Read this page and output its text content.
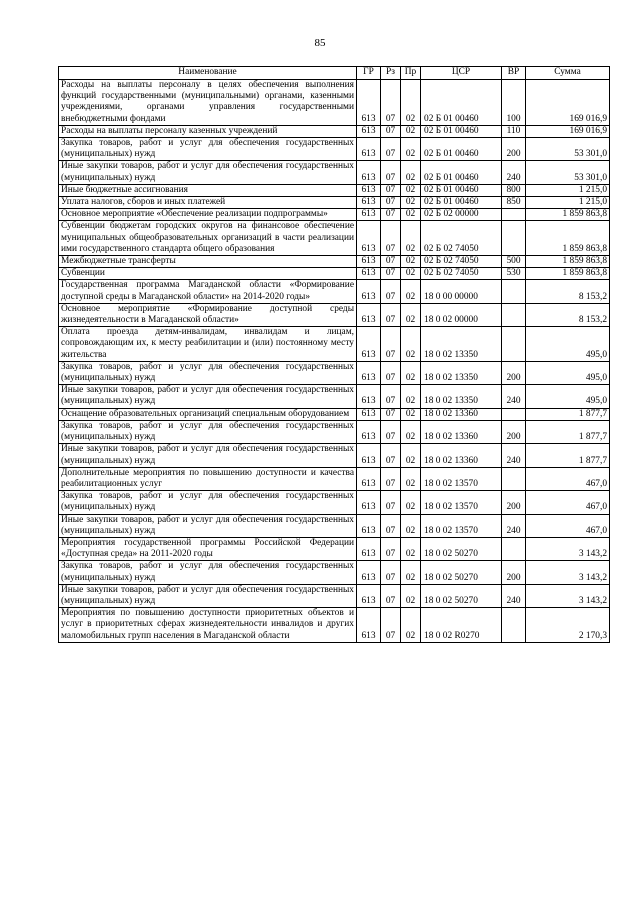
85
Наименование	ГР	Рз	Пр	ЦСР	ВР	Сумма
Расходы на выплаты персоналу в целях обеспечения выполнения функций государственными (муниципальными) органами, казенными учреждениями, органами управления государственными внебюджетными фондами	613	07	02	02 Б 01 00460	100	169 016,9
Расходы на выплаты персоналу казенных учреждений	613	07	02	02 Б 01 00460	110	169 016,9
Закупка товаров, работ и услуг для обеспечения государственных (муниципальных) нужд	613	07	02	02 Б 01 00460	200	53 301,0
Иные закупки товаров, работ и услуг для обеспечения государственных (муниципальных) нужд	613	07	02	02 Б 01 00460	240	53 301,0
Иные бюджетные ассигнования	613	07	02	02 Б 01 00460	800	1 215,0
Уплата налогов, сборов и иных платежей	613	07	02	02 Б 01 00460	850	1 215,0
Основное мероприятие «Обеспечение реализации подпрограммы»	613	07	02	02 Б 02 00000		1 859 863,8
Субвенции бюджетам городских округов на финансовое обеспечение муниципальных общеобразовательных организаций в части реализации ими государственного стандарта общего образования	613	07	02	02 Б 02 74050		1 859 863,8
Межбюджетные трансферты	613	07	02	02 Б 02 74050	500	1 859 863,8
Субвенции	613	07	02	02 Б 02 74050	530	1 859 863,8
Государственная программа Магаданской области «Формирование доступной среды в Магаданской области» на 2014-2020 годы»	613	07	02	18 0 00 00000		8 153,2
Основное мероприятие «Формирование доступной среды жизнедеятельности в Магаданской области»	613	07	02	18 0 02 00000		8 153,2
Оплата проезда детям-инвалидам, инвалидам и лицам, сопровождающим их, к месту реабилитации и (или) постоянному месту жительства	613	07	02	18 0 02 13350		495,0
Закупка товаров, работ и услуг для обеспечения государственных (муниципальных) нужд	613	07	02	18 0 02 13350	200	495,0
Иные закупки товаров, работ и услуг для обеспечения государственных (муниципальных) нужд	613	07	02	18 0 02 13350	240	495,0
Оснащение образовательных организаций специальным оборудованием	613	07	02	18 0 02 13360		1 877,7
Закупка товаров, работ и услуг для обеспечения государственных (муниципальных) нужд	613	07	02	18 0 02 13360	200	1 877,7
Иные закупки товаров, работ и услуг для обеспечения государственных (муниципальных) нужд	613	07	02	18 0 02 13360	240	1 877,7
Дополнительные мероприятия по повышению доступности и качества реабилитационных услуг	613	07	02	18 0 02 13570		467,0
Закупка товаров, работ и услуг для обеспечения государственных (муниципальных) нужд	613	07	02	18 0 02 13570	200	467,0
Иные закупки товаров, работ и услуг для обеспечения государственных (муниципальных) нужд	613	07	02	18 0 02 13570	240	467,0
Мероприятия государственной программы Российской Федерации «Доступная среда» на 2011-2020 годы	613	07	02	18 0 02 50270		3 143,2
Закупка товаров, работ и услуг для обеспечения государственных (муниципальных) нужд	613	07	02	18 0 02 50270	200	3 143,2
Иные закупки товаров, работ и услуг для обеспечения государственных (муниципальных) нужд	613	07	02	18 0 02 50270	240	3 143,2
Мероприятия по повышению доступности приоритетных объектов и услуг в приоритетных сферах жизнедеятельности инвалидов и других маломобильных групп населения в Магаданской области	613	07	02	18 0 02 R0270		2 170,3
